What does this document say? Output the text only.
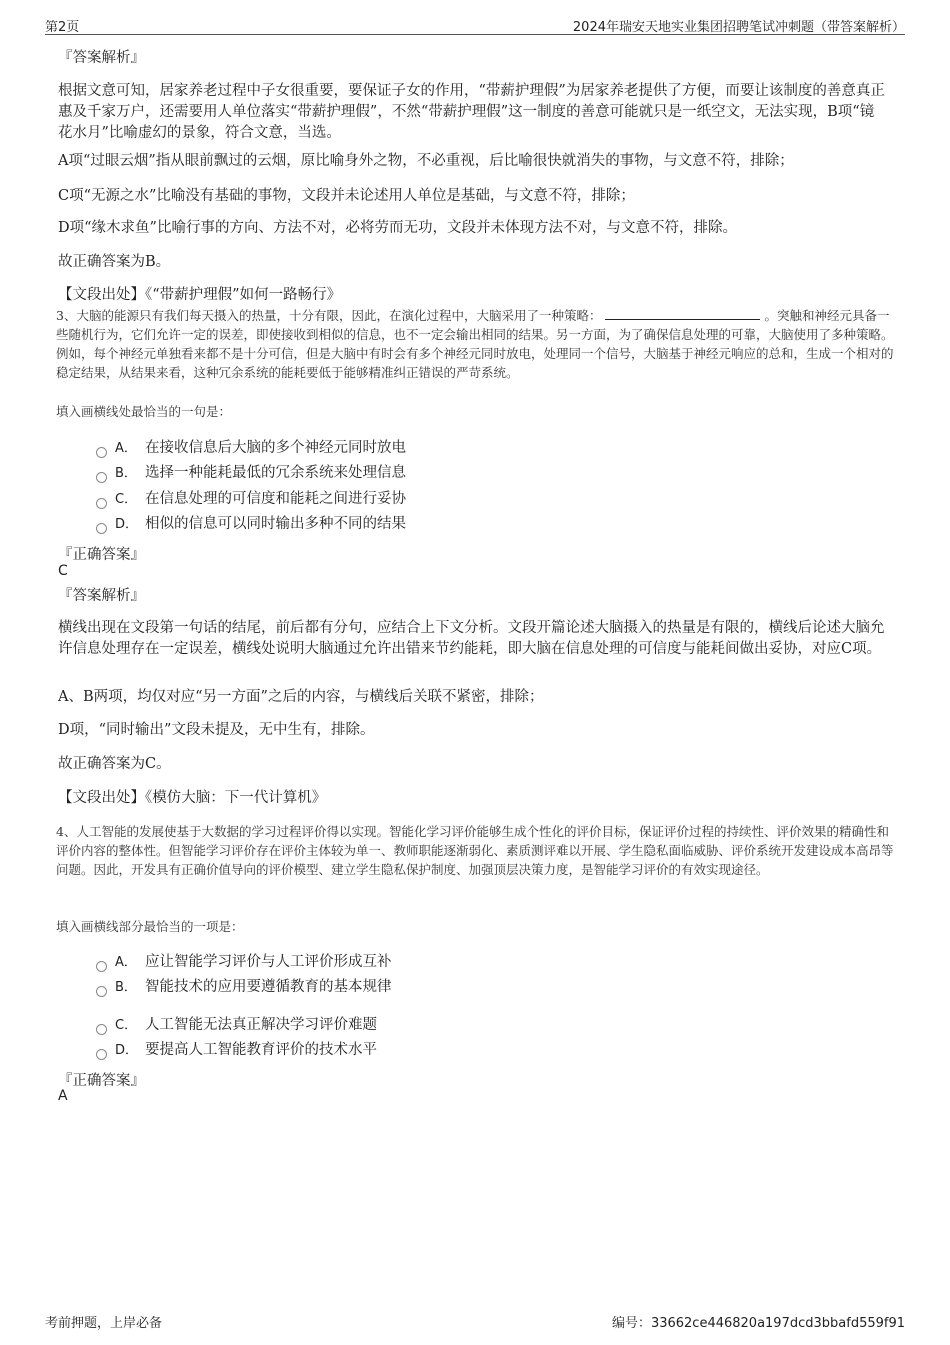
第2页	2024年瑞安天地实业集团招聘笔试冲刺题（带答案解析）
『答案解析』
根据文意可知，居家养老过程中子女很重要，要保证子女的作用，“带薪护理假”为居家养老提供了方便，而要让该制度的善意真正惠及千家万户，还需要用人单位落实“带薪护理假”，不然“带薪护理假”这一制度的善意可能就只是一纸空文，无法实现，B项“镜花水月”比喻虚幻的景象，符合文意，当选。
A项“过眼云烟”指从眼前飘过的云烟，原比喻身外之物，不必重视，后比喻很快就消失的事物，与文意不符，排除；
C项“无源之水”比喻没有基础的事物，文段并未论述用人单位是基础，与文意不符，排除；
D项“缘木求鱼”比喻行事的方向、方法不对，必将劳而无功，文段并未体现方法不对，与文意不符，排除。
故正确答案为B。
【文段出处】《“带薪护理假”如何一路畅行》
3、大脑的能源只有我们每天摄入的热量，十分有限，因此，在演化过程中，大脑采用了一种策略：	。突触和神经元具备一些随机行为，它们允许一定的误差，即使接收到相似的信息，也不一定会输出相同的结果。另一方面，为了确保信息处理的可靠，大脑使用了多种策略。例如，每个神经元单独看来都不是十分可信，但是大脑中有时会有多个神经元同时放电，处理同一个信号，大脑基于神经元响应的总和，生成一个相对的稳定结果，从结果来看，这种冗余系统的能耗要低于能够精准纠正错误的严苛系统。
填入画横线处最恰当的一句是：
A． 在接收信息后大脑的多个神经元同时放电
B． 选择一种能耗最低的冗余系统来处理信息
C． 在信息处理的可信度和能耗之间进行妥协
D． 相似的信息可以同时输出多种不同的结果
『正确答案』
C
『答案解析』
横线出现在文段第一句话的结尾，前后都有分句，应结合上下文分析。文段开篇论述大脑摄入的热量是有限的，横线后论述大脑允许信息处理存在一定误差，横线处说明大脑通过允许出错来节约能耗，即大脑在信息处理的可信度与能耗间做出妥协，对应C项。
A、B两项，均仅对应“另一方面”之后的内容，与横线后关联不紧密，排除；
D项，“同时输出”文段未提及，无中生有，排除。
故正确答案为C。
【文段出处】《模仿大脑：下一代计算机》
4、人工智能的发展使基于大数据的学习过程评价得以实现。智能化学习评价能够生成个性化的评价目标，保证评价过程的持续性、评价效果的精确性和评价内容的整体性。但智能学习评价存在评价主体较为单一、教师职能逐渐弱化、素质测评难以开展、学生隐私面临威胁、评价系统开发建设成本高昂等问题。因此，开发具有正确价值导向的评价模型、建立学生隐私保护制度、加强顶层决策力度，是智能学习评价的有效实现途径。
填入画横线部分最恰当的一项是：
A． 应让智能学习评价与人工评价形成互补
B． 智能技术的应用要遵循教育的基本规律
C． 人工智能无法真正解决学习评价难题
D． 要提高人工智能教育评价的技术水平
『正确答案』
A
考前押题，上岸必备	编号：33662ce446820a197dcd3bbafd559f91
